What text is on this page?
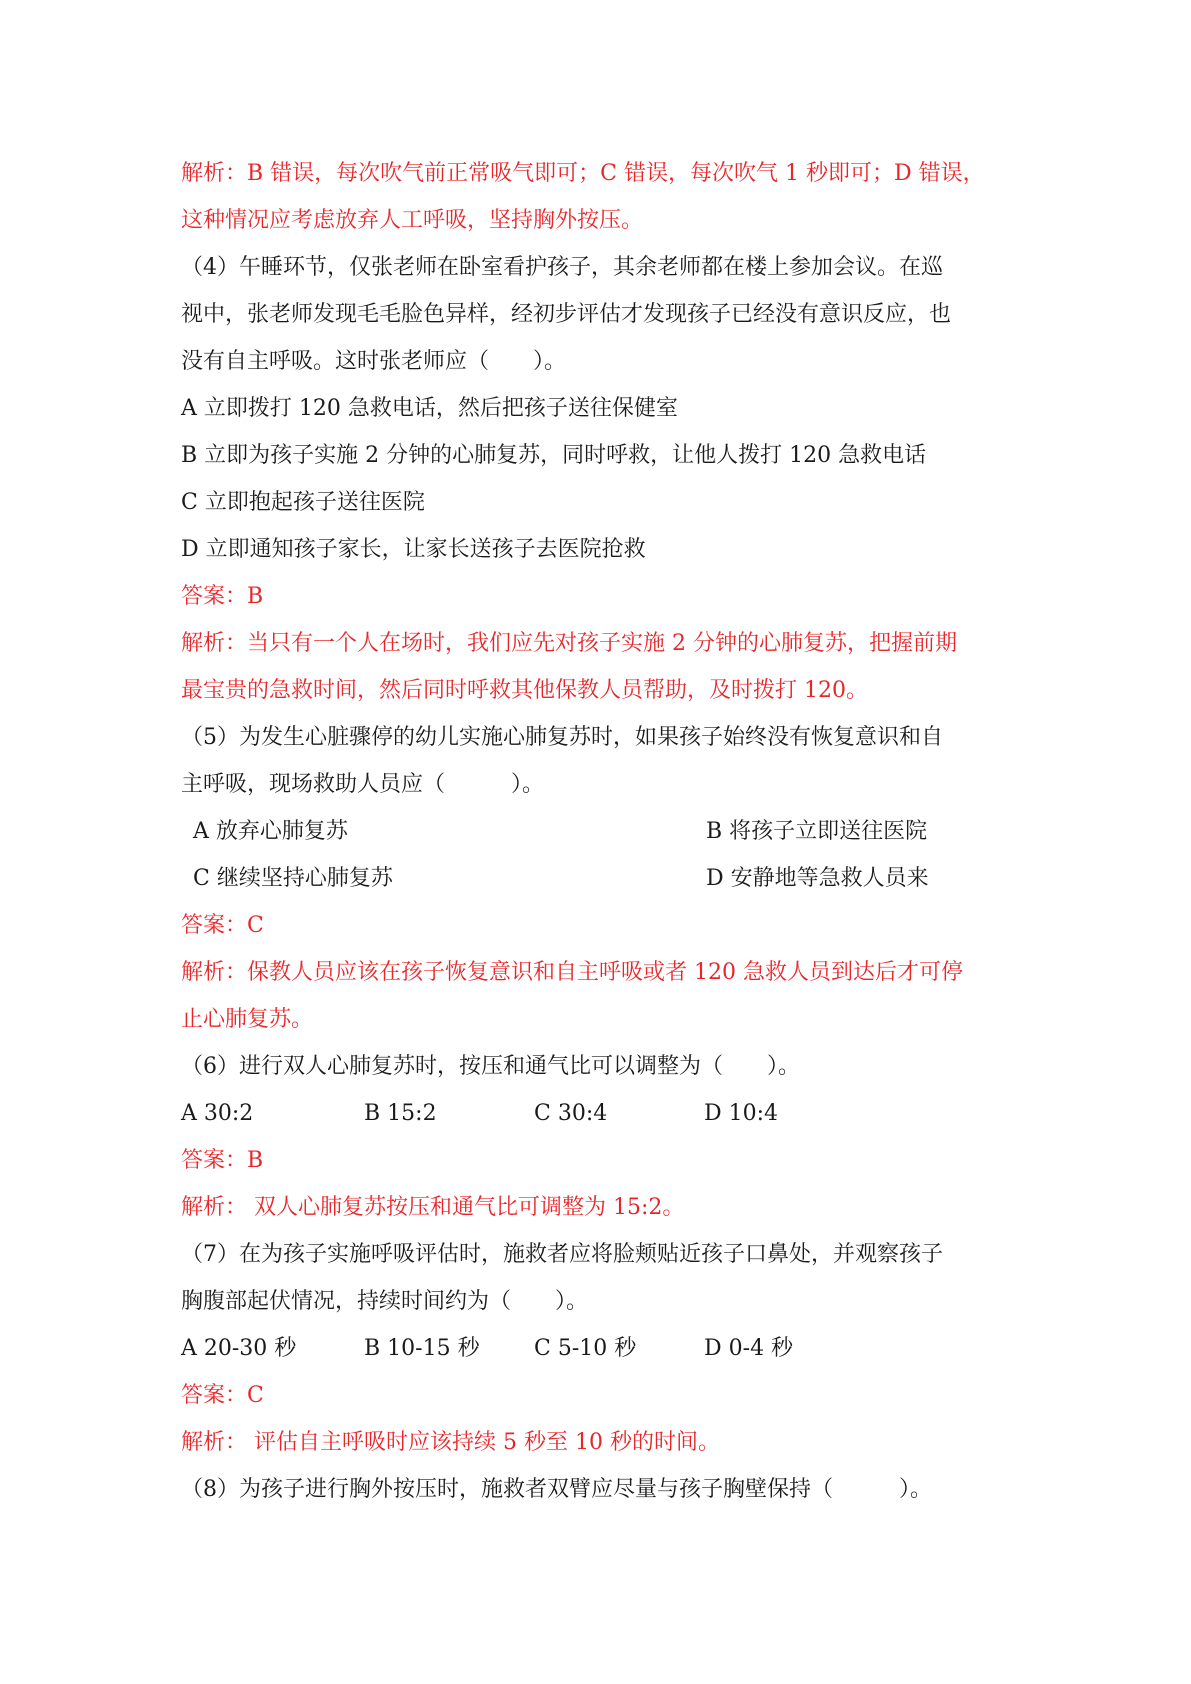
解析：B 错误，每次吹气前正常吸气即可；C 错误，每次吹气 1 秒即可；D 错误，
这种情况应考虑放弃人工呼吸，坚持胸外按压。
（4）午睡环节，仅张老师在卧室看护孩子，其余老师都在楼上参加会议。在巡
视中，张老师发现毛毛脸色异样，经初步评估才发现孩子已经没有意识反应，也
没有自主呼吸。这时张老师应（　　）。
A 立即拨打 120 急救电话，然后把孩子送往保健室
B 立即为孩子实施 2 分钟的心肺复苏，同时呼救，让他人拨打 120 急救电话
C 立即抱起孩子送往医院
D 立即通知孩子家长，让家长送孩子去医院抢救
答案：B
解析：当只有一个人在场时，我们应先对孩子实施 2 分钟的心肺复苏，把握前期
最宝贵的急救时间，然后同时呼救其他保教人员帮助，及时拨打 120。
（5）为发生心脏骤停的幼儿实施心肺复苏时，如果孩子始终没有恢复意识和自
主呼吸，现场救助人员应（　　　）。
A 放弃心肺复苏	B 将孩子立即送往医院
C 继续坚持心肺复苏	D 安静地等急救人员来
答案：C
解析：保教人员应该在孩子恢复意识和自主呼吸或者 120 急救人员到达后才可停
止心肺复苏。
（6）进行双人心肺复苏时，按压和通气比可以调整为（　　）。
A 30:2	B 15:2	C 30:4	D 10:4
答案：B
解析： 双人心肺复苏按压和通气比可调整为 15:2。
（7）在为孩子实施呼吸评估时，施救者应将脸颊贴近孩子口鼻处，并观察孩子
胸腹部起伏情况，持续时间约为（　　）。
A 20-30 秒	B 10-15 秒 C 5-10 秒	D 0-4 秒
答案：C
解析： 评估自主呼吸时应该持续 5 秒至 10 秒的时间。
（8）为孩子进行胸外按压时，施救者双臂应尽量与孩子胸壁保持（　　　）。
